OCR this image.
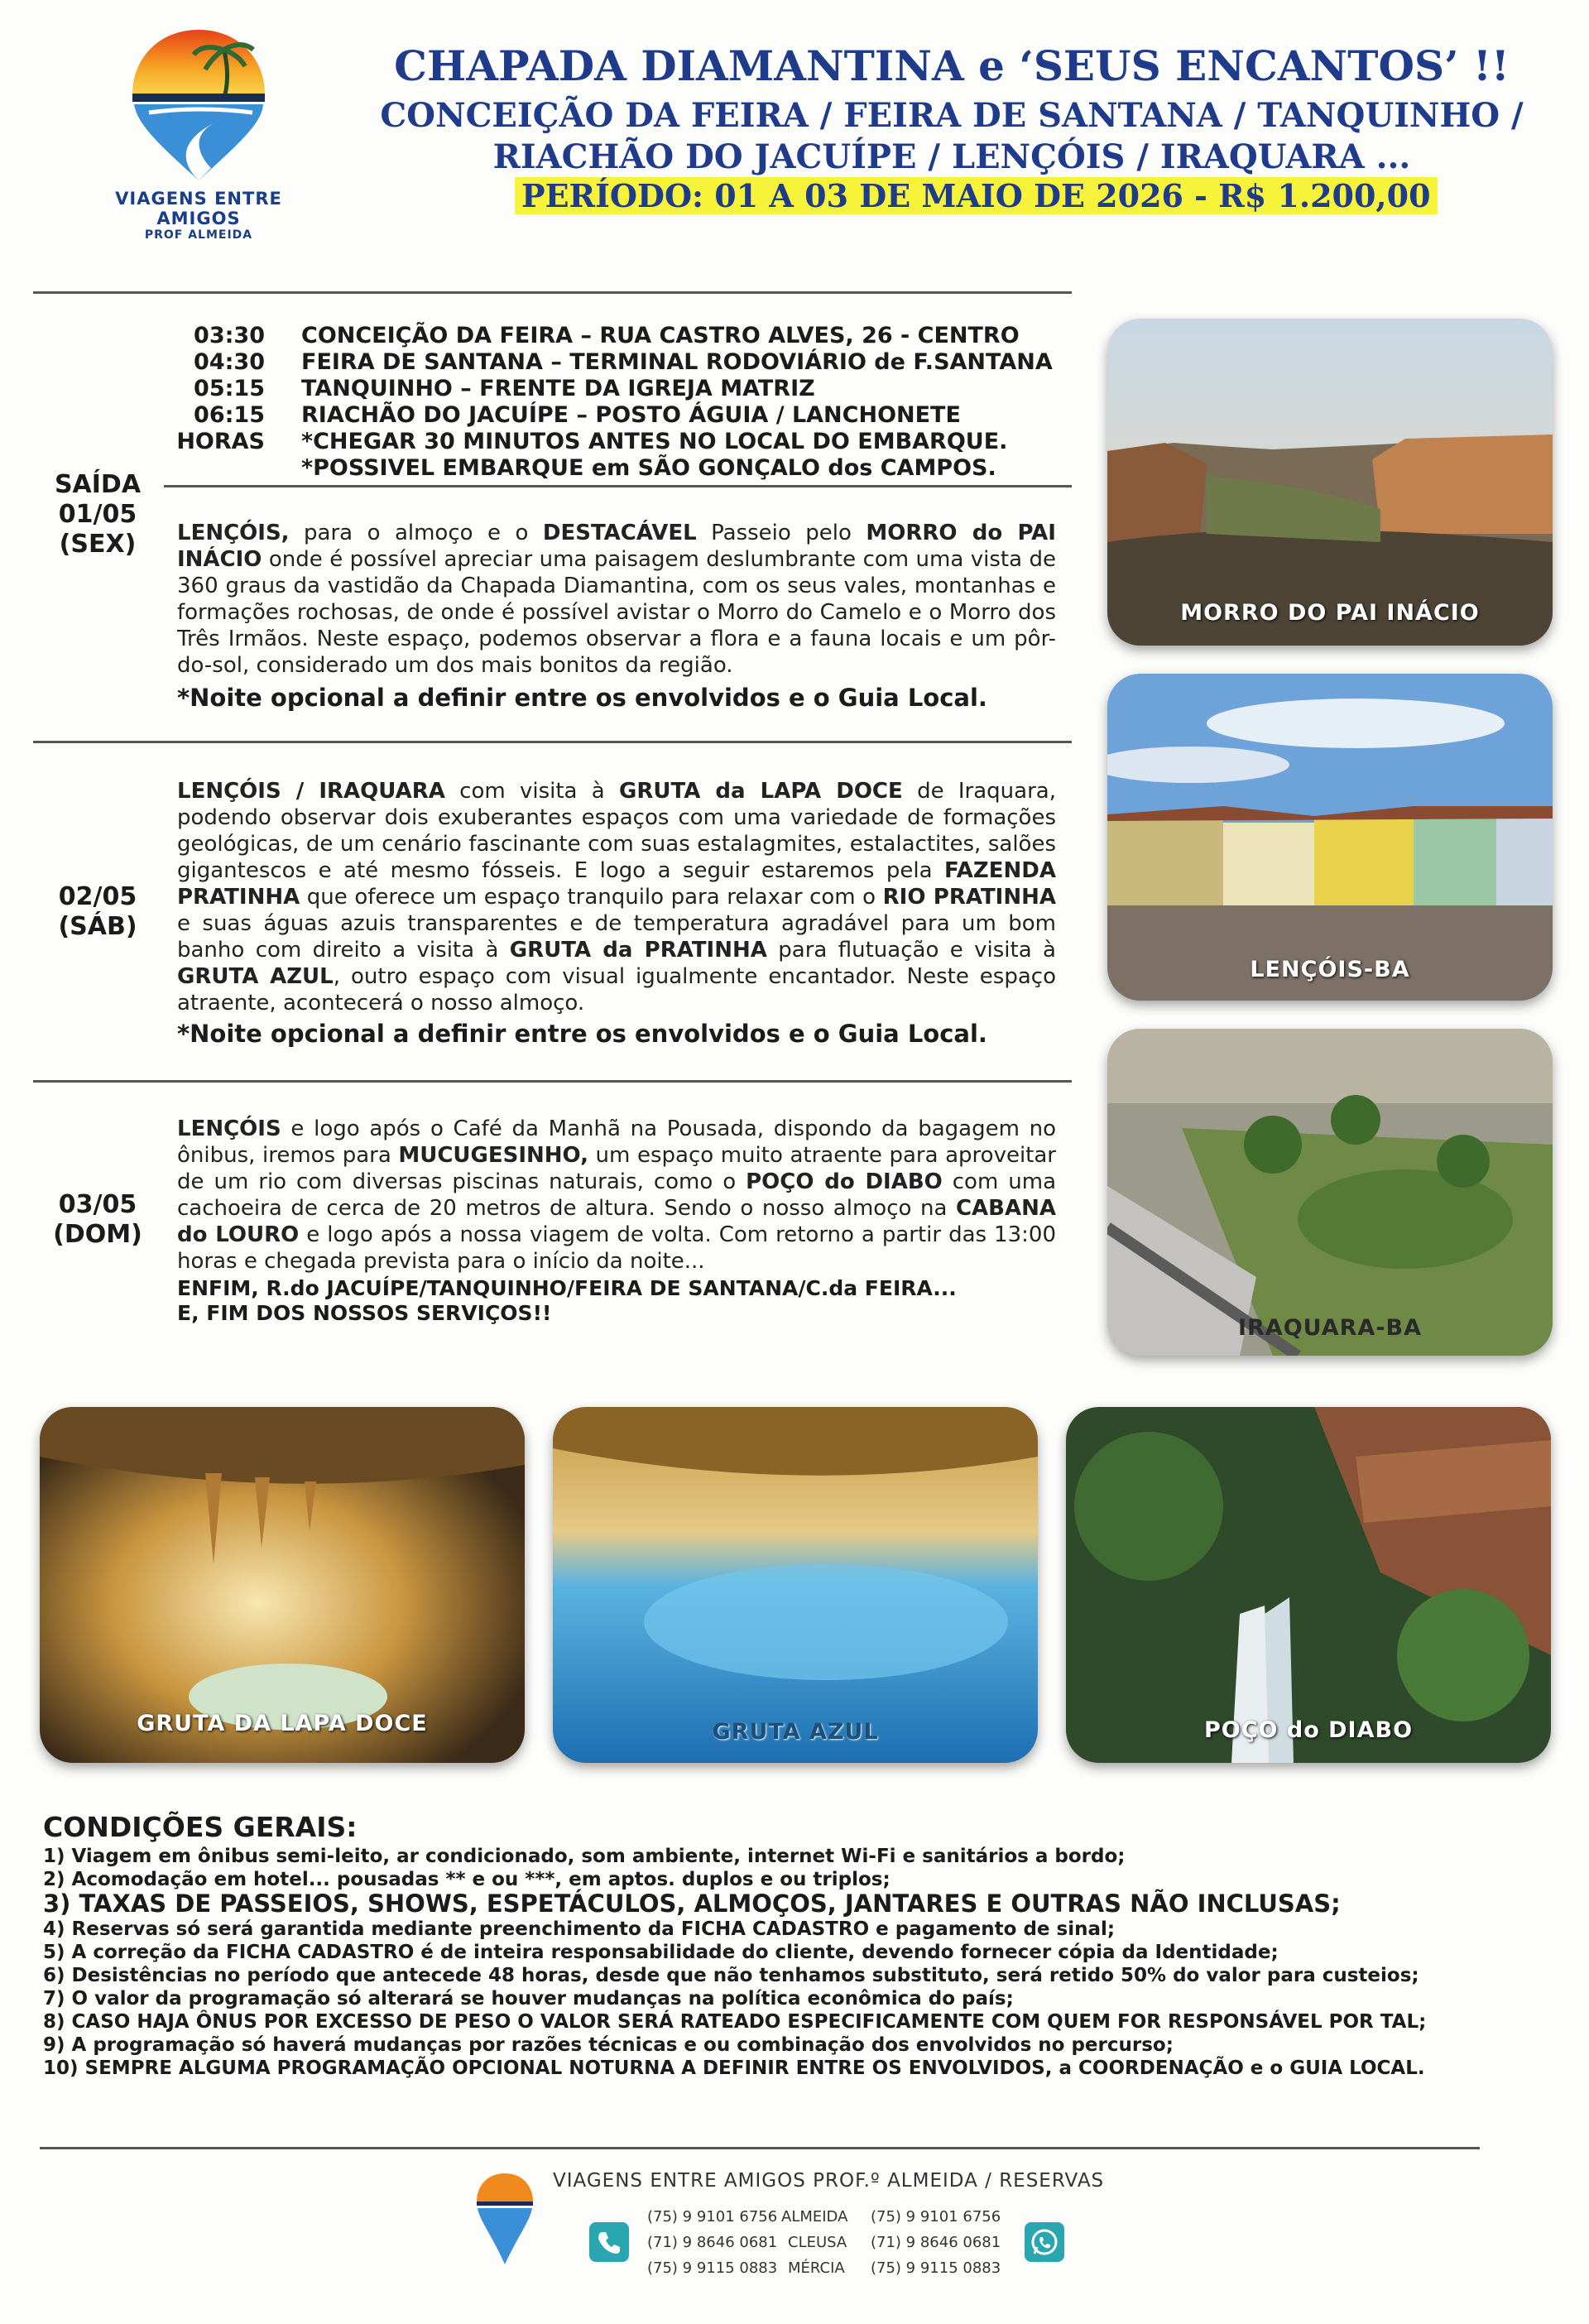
VIAGENS ENTRE AMIGOS
PROF ALMEIDA
CHAPADA DIAMANTINA e ‘SEUS ENCANTOS’ !!
CONCEIÇÃO DA FEIRA / FEIRA DE SANTANA / TANQUINHO /
RIACHÃO DO JACUÍPE / LENÇÓIS / IRAQUARA ...
PERÍODO: 01 A 03 DE MAIO DE 2026 - R$ 1.200,00
SAÍDA
01/05
(SEX)
03:30 CONCEIÇÃO DA FEIRA – RUA CASTRO ALVES, 26 - CENTRO
04:30 FEIRA DE SANTANA – TERMINAL RODOVIÁRIO de F.SANTANA
05:15 TANQUINHO – FRENTE DA IGREJA MATRIZ
06:15 RIACHÃO DO JACUÍPE – POSTO ÁGUIA / LANCHONETE
HORAS *CHEGAR 30 MINUTOS ANTES NO LOCAL DO EMBARQUE.
*POSSIVEL EMBARQUE em SÃO GONÇALO dos CAMPOS.
LENÇÓIS, para o almoço e o DESTACÁVEL Passeio pelo MORRO do PAI INÁCIO onde é possível apreciar uma paisagem deslumbrante com uma vista de 360 graus da vastidão da Chapada Diamantina, com os seus vales, montanhas e formações rochosas, de onde é possível avistar o Morro do Camelo e o Morro dos Três Irmãos. Neste espaço, podemos observar a flora e a fauna locais e um pôr-do-sol, considerado um dos mais bonitos da região.
*Noite opcional a definir entre os envolvidos e o Guia Local.
02/05
(SÁB)
LENÇÓIS / IRAQUARA com visita à GRUTA da LAPA DOCE de Iraquara, podendo observar dois exuberantes espaços com uma variedade de formações geológicas, de um cenário fascinante com suas estalagmites, estalactites, salões gigantescos e até mesmo fósseis. E logo a seguir estaremos pela FAZENDA PRATINHA que oferece um espaço tranquilo para relaxar com o RIO PRATINHA e suas águas azuis transparentes e de temperatura agradável para um bom banho com direito a visita à GRUTA da PRATINHA para flutuação e visita à GRUTA AZUL, outro espaço com visual igualmente encantador. Neste espaço atraente, acontecerá o nosso almoço.
*Noite opcional a definir entre os envolvidos e o Guia Local.
03/05
(DOM)
LENÇÓIS e logo após o Café da Manhã na Pousada, dispondo da bagagem no ônibus, iremos para MUCUGESINHO, um espaço muito atraente para aproveitar de um rio com diversas piscinas naturais, como o POÇO do DIABO com uma cachoeira de cerca de 20 metros de altura. Sendo o nosso almoço na CABANA do LOURO e logo após a nossa viagem de volta. Com retorno a partir das 13:00 horas e chegada prevista para o início da noite...
ENFIM, R.do JACUÍPE/TANQUINHO/FEIRA DE SANTANA/C.da FEIRA...
E, FIM DOS NOSSOS SERVIÇOS!!
MORRO DO PAI INÁCIO
LENÇÓIS-BA
IRAQUARA-BA
GRUTA DA LAPA DOCE	GRUTA AZUL	POÇO do DIABO
CONDIÇÕES GERAIS:
1) Viagem em ônibus semi-leito, ar condicionado, som ambiente, internet Wi-Fi e sanitários a bordo;
2) Acomodação em hotel... pousadas ** e ou ***, em aptos. duplos e ou triplos;
3) TAXAS DE PASSEIOS, SHOWS, ESPETÁCULOS, ALMOÇOS, JANTARES E OUTRAS NÃO INCLUSAS;
4) Reservas só será garantida mediante preenchimento da FICHA CADASTRO e pagamento de sinal;
5) A correção da FICHA CADASTRO é de inteira responsabilidade do cliente, devendo fornecer cópia da Identidade;
6) Desistências no período que antecede 48 horas, desde que não tenhamos substituto, será retido 50% do valor para custeios;
7) O valor da programação só alterará se houver mudanças na política econômica do país;
8) CASO HAJA ÔNUS POR EXCESSO DE PESO O VALOR SERÁ RATEADO ESPECIFICAMENTE COM QUEM FOR RESPONSÁVEL POR TAL;
9) A programação só haverá mudanças por razões técnicas e ou combinação dos envolvidos no percurso;
10) SEMPRE ALGUMA PROGRAMAÇÃO OPCIONAL NOTURNA A DEFINIR ENTRE OS ENVOLVIDOS, a COORDENAÇÃO e o GUIA LOCAL.
VIAGENS ENTRE AMIGOS PROF.º ALMEIDA / RESERVAS
(75) 9 9101 6756 ALMEIDA (75) 9 9101 6756
(71) 9 8646 0681 CLEUSA (71) 9 8646 0681
(75) 9 9115 0883 MÉRCIA (75) 9 9115 0883
